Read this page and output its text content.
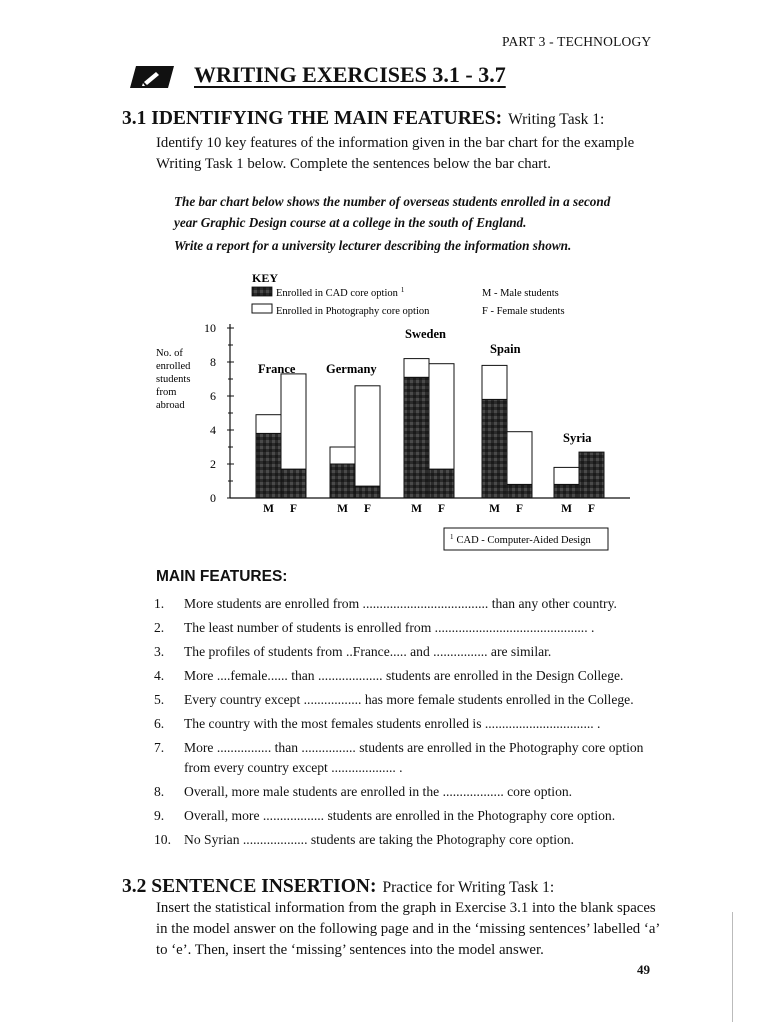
PART 3 - TECHNOLOGY
WRITING EXERCISES 3.1 - 3.7
3.1 IDENTIFYING THE MAIN FEATURES: Writing Task 1:
Identify 10 key features of the information given in the bar chart for the example
Writing Task 1 below. Complete the sentences below the bar chart.
The bar chart below shows the number of overseas students enrolled in a second
year Graphic Design course at a college in the south of England.
Write a report for a university lecturer describing the information shown.
KEY
Enrolled in CAD core option $^1$
Enrolled in Photography core option
M - Male students
F - Female students
10
8
6
4
2
0
No. of
enrolled
students
from
abroad
M F
France
M F
Germany
M F
Sweden
M F
Spain
M F
Syria
$^1$ CAD - Computer-Aided Design
MAIN FEATURES:
1. More students are enrolled from ..................................... than any other country.
2. The least number of students is enrolled from ............................................. .
3. The profiles of students from ..France..... and ................ are similar.
4. More ....female...... than ................... students are enrolled in the Design College.
5. Every country except ................. has more female students enrolled in the College.
6. The country with the most females students enrolled is ................................ .
7. More ................ than ................ students are enrolled in the Photography core option from every country except ................... .
8. Overall, more male students are enrolled in the .................. core option.
9. Overall, more .................. students are enrolled in the Photography core option.
10. No Syrian ................... students are taking the Photography core option.
3.2 SENTENCE INSERTION: Practice for Writing Task 1:
Insert the statistical information from the graph in Exercise 3.1 into the blank spaces
in the model answer on the following page and in the ‘missing sentences’ labelled ‘a’
to ‘e’. Then, insert the ‘missing’ sentences into the model answer.
49
